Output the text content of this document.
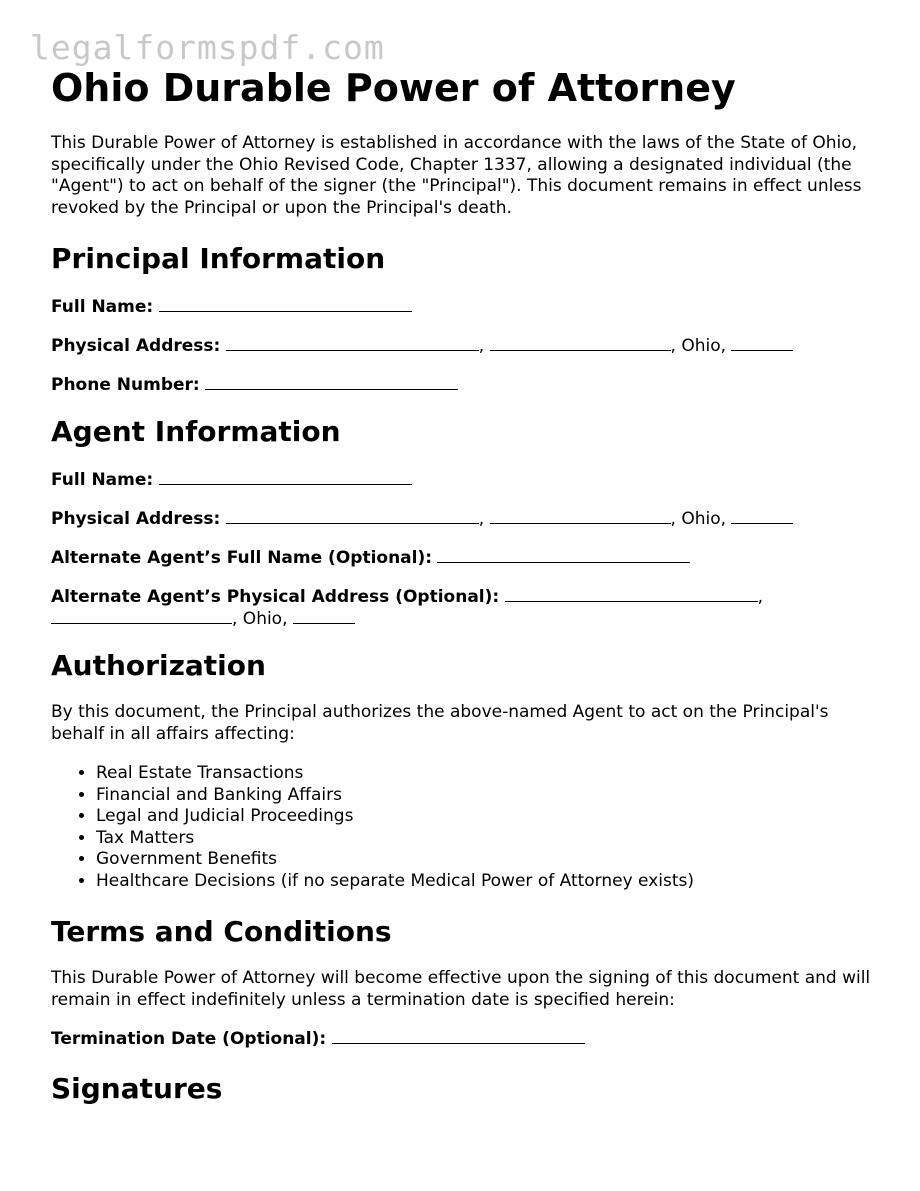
legalformspdf.com
Ohio Durable Power of Attorney

This Durable Power of Attorney is established in accordance with the laws of the State of Ohio, specifically under the Ohio Revised Code, Chapter 1337, allowing a designated individual (the "Agent") to act on behalf of the signer (the "Principal"). This document remains in effect unless revoked by the Principal or upon the Principal's death.

Principal Information
Full Name:
Physical Address:	,	, Ohio,
Phone Number:
Agent Information
Full Name:
Physical Address:	,	, Ohio,
Alternate Agent’s Full Name (Optional):
Alternate Agent’s Physical Address (Optional):	,
, Ohio,
Authorization

By this document, the Principal authorizes the above-named Agent to act on the Principal's behalf in all affairs affecting:

• Real Estate Transactions
• Financial and Banking Affairs
• Legal and Judicial Proceedings
• Tax Matters
• Government Benefits
• Healthcare Decisions (if no separate Medical Power of Attorney exists)
Terms and Conditions

This Durable Power of Attorney will become effective upon the signing of this document and will remain in effect indefinitely unless a termination date is specified herein:

Termination Date (Optional):
Signatures
